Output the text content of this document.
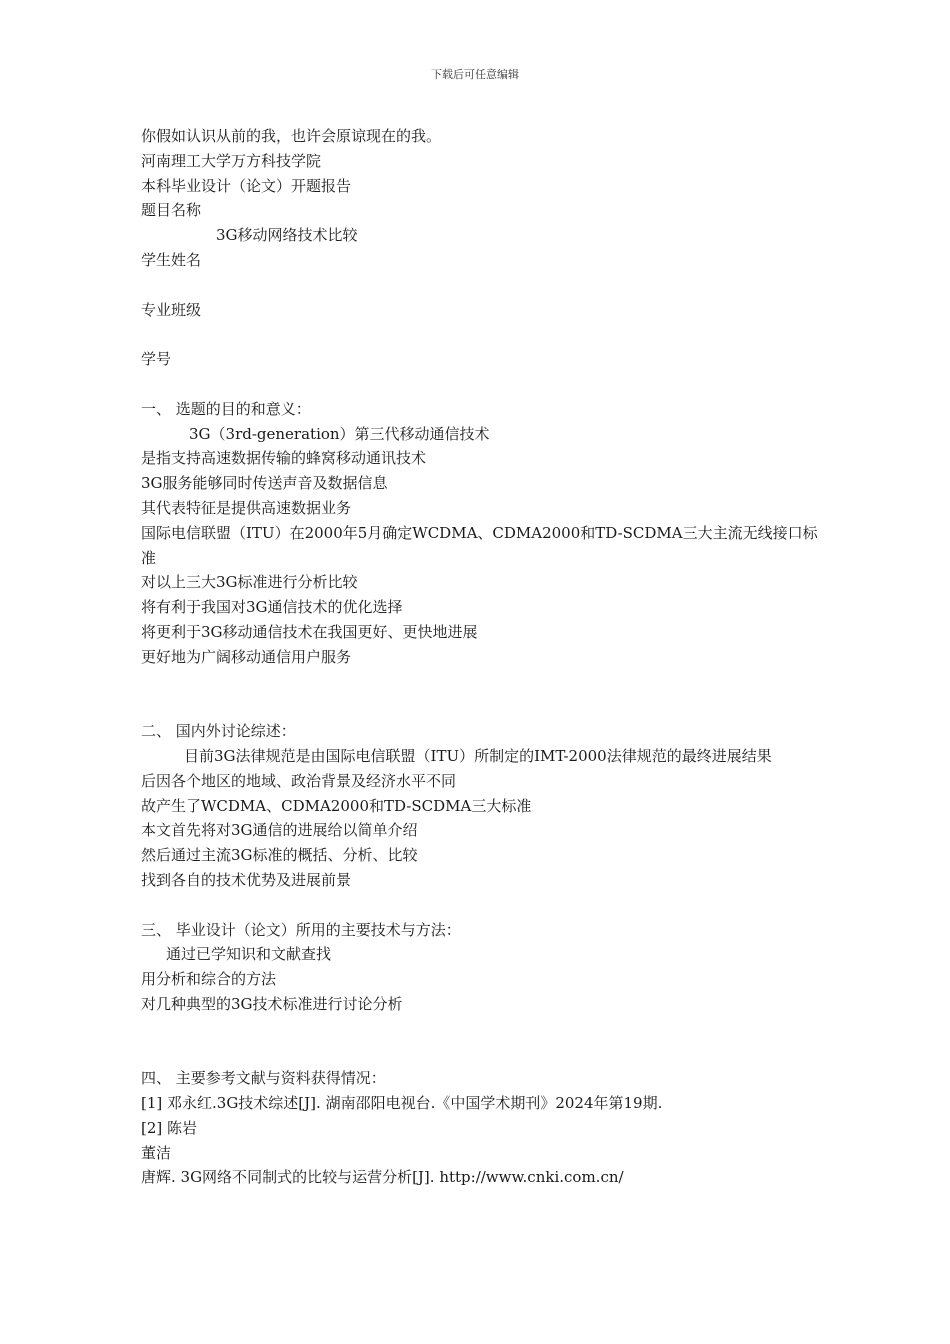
下载后可任意编辑
你假如认识从前的我，也许会原谅现在的我。
河南理工大学万方科技学院
本科毕业设计（论文）开题报告
题目名称
3G移动网络技术比较
学生姓名
专业班级
学号
一、 选题的目的和意义：
3G（3rd-generation）第三代移动通信技术
是指支持高速数据传输的蜂窝移动通讯技术
3G服务能够同时传送声音及数据信息
其代表特征是提供高速数据业务
国际电信联盟（ITU）在2000年5月确定WCDMA、CDMA2000和TD-SCDMA三大主流无线接口标准
对以上三大3G标准进行分析比较
将有利于我国对3G通信技术的优化选择
将更利于3G移动通信技术在我国更好、更快地进展
更好地为广阔移动通信用户服务
二、 国内外讨论综述：
目前3G法律规范是由国际电信联盟（ITU）所制定的IMT-2000法律规范的最终进展结果
后因各个地区的地域、政治背景及经济水平不同
故产生了WCDMA、CDMA2000和TD-SCDMA三大标准
本文首先将对3G通信的进展给以简单介绍
然后通过主流3G标准的概括、分析、比较
找到各自的技术优势及进展前景
三、 毕业设计（论文）所用的主要技术与方法：
通过已学知识和文献查找
用分析和综合的方法
对几种典型的3G技术标准进行讨论分析
四、 主要参考文献与资料获得情况：
[1] 邓永红.3G技术综述[J]. 湖南邵阳电视台.《中国学术期刊》2024年第19期.
[2] 陈岩
董洁
唐辉. 3G网络不同制式的比较与运营分析[J]. http://www.cnki.com.cn/
